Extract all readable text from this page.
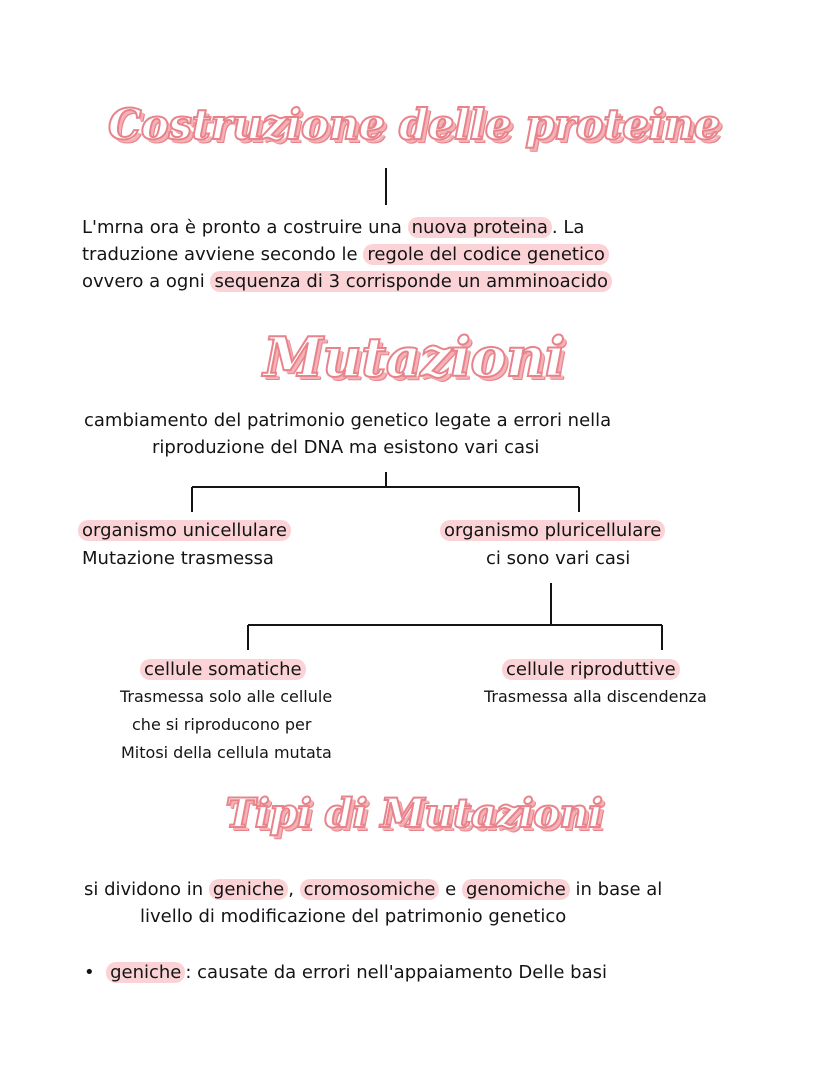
Costruzione delle proteine

L'mrna ora è pronto a costruire una nuova proteina . La

traduzione avviene secondo le regole del codice genetico

ovvero a ogni sequenza di 3 corrisponde un amminoacido

Mutazioni

cambiamento del patrimonio genetico legate a errori nella

riproduzione del DNA ma esistono vari casi

organismo unicellulare

Mutazione trasmessa

organismo pluricellulare

ci sono vari casi

cellule somatiche

Trasmessa solo alle cellule

che si riproducono per

Mitosi della cellula mutata

cellule riproduttive

Trasmessa alla discendenza

Tipi di Mutazioni

si dividono in geniche , cromosomiche e genomiche in base al

livello di modificazione del patrimonio genetico

• geniche : causate da errori nell'appaiamento Delle basi
